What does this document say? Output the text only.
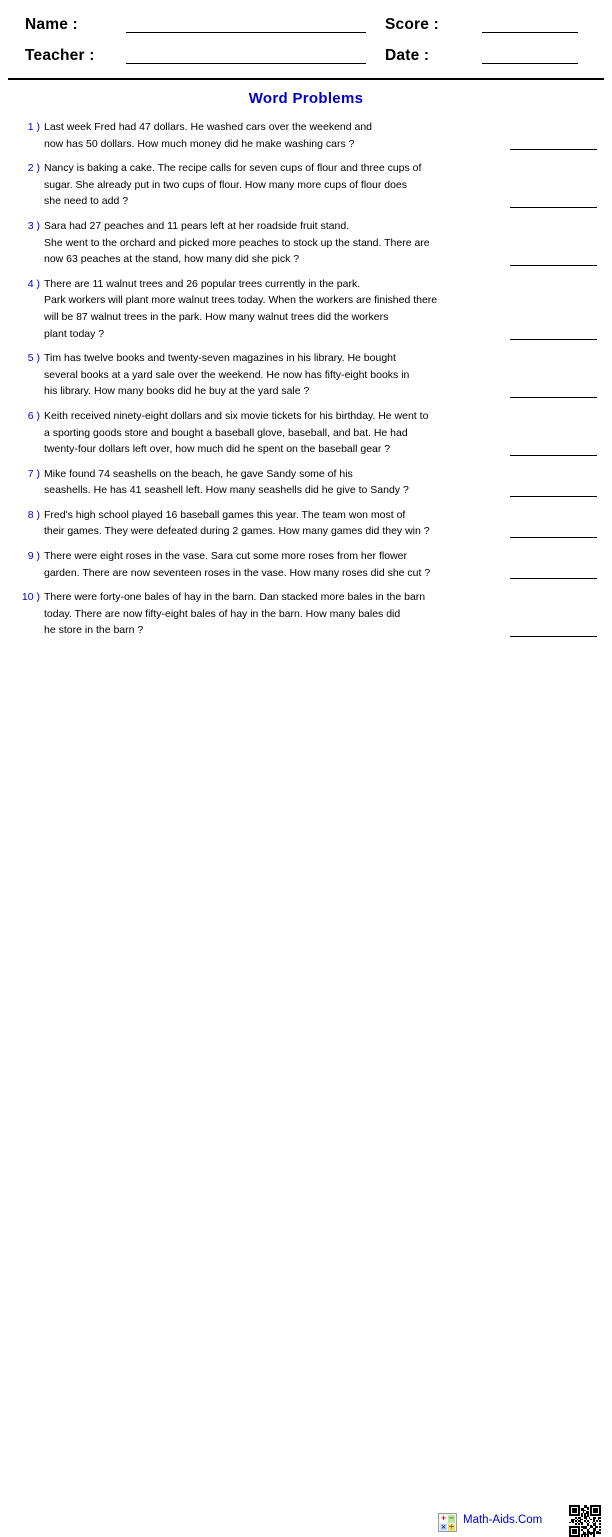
Name :
Teacher :
Score :
Date :
Word Problems
1 ) Last week Fred had 47 dollars. He washed cars over the weekend and
now has 50 dollars. How much money did he make washing cars ?
2 ) Nancy is baking a cake. The recipe calls for seven cups of flour and three cups of
sugar. She already put in two cups of flour. How many more cups of flour does
she need to add ?
3 ) Sara had 27 peaches and 11 pears left at her roadside fruit stand.
She went to the orchard and picked more peaches to stock up the stand. There are
now 63 peaches at the stand, how many did she pick ?
4 ) There are 11 walnut trees and 26 popular trees currently in the park.
Park workers will plant more walnut trees today. When the workers are finished there
will be 87 walnut trees in the park. How many walnut trees did the workers
plant today ?
5 ) Tim has twelve books and twenty-seven magazines in his library. He bought
several books at a yard sale over the weekend. He now has fifty-eight books in
his library. How many books did he buy at the yard sale ?
6 ) Keith received ninety-eight dollars and six movie tickets for his birthday. He went to
a sporting goods store and bought a baseball glove, baseball, and bat. He had
twenty-four dollars left over, how much did he spent on the baseball gear ?
7 ) Mike found 74 seashells on the beach, he gave Sandy some of his
seashells. He has 41 seashell left. How many seashells did he give to Sandy ?
8 ) Fred's high school played 16 baseball games this year. The team won most of
their games. They were defeated during 2 games. How many games did they win ?
9 ) There were eight roses in the vase. Sara cut some more roses from her flower
garden. There are now seventeen roses in the vase. How many roses did she cut ?
10 ) There were forty-one bales of hay in the barn. Dan stacked more bales in the barn
today. There are now fifty-eight bales of hay in the barn. How many bales did
he store in the barn ?
+ −
× ÷
Math-Aids.Com
